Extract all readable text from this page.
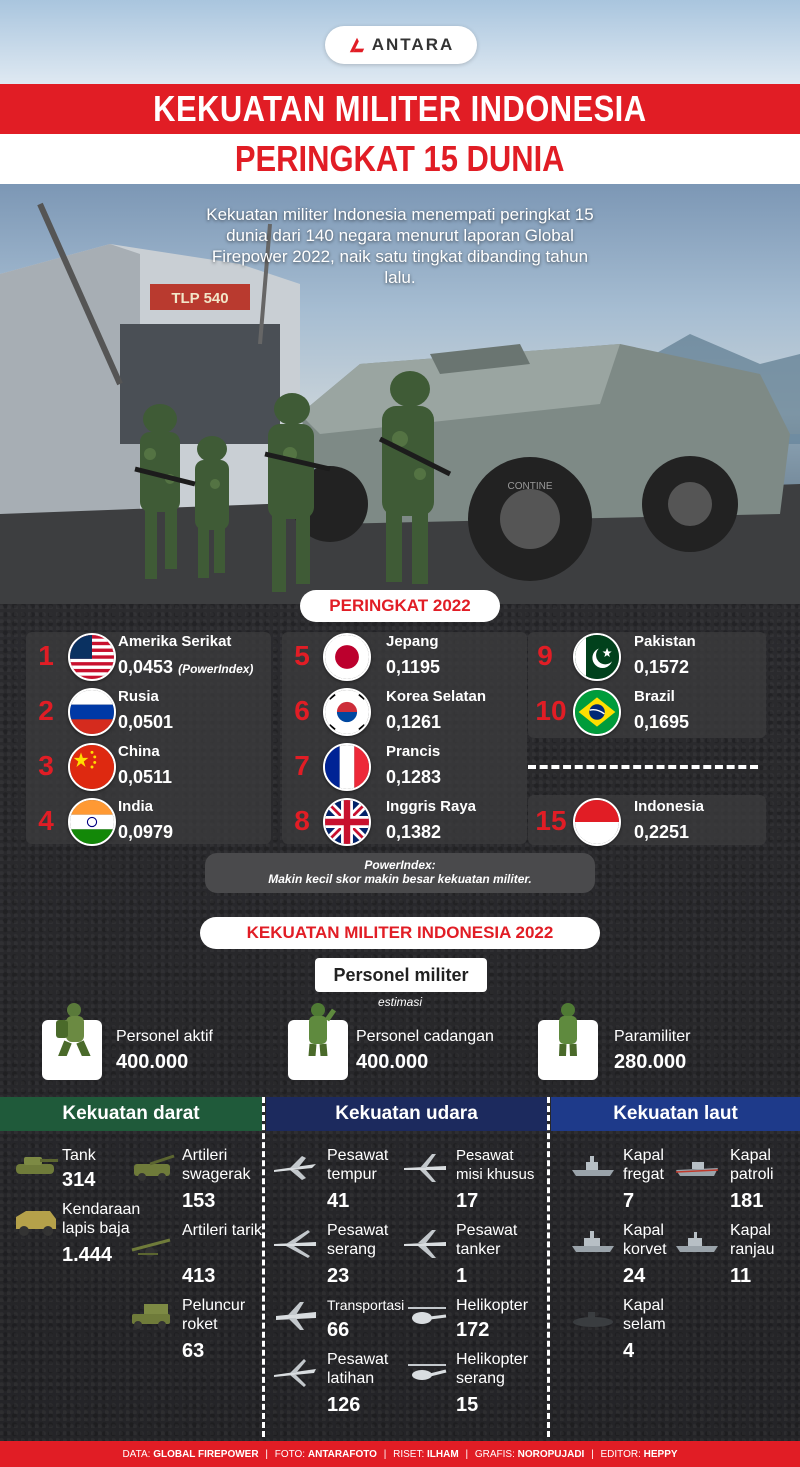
ANTARA
KEKUATAN MILITER INDONESIA
PERINGKAT 15 DUNIA
TLP 540
CONTINE
Kekuatan militer Indonesia menempati peringkat 15 dunia dari 140 negara menurut laporan Global Firepower 2022, naik satu tingkat dibanding tahun lalu.
PERINGKAT 2022
1	Amerika Serikat
0,0453 (PowerIndex)
2	Rusia
0,0501
3	China
0,0511
4	India
0,0979
5	Jepang
0,1195
6	Korea Selatan
0,1261
7	Prancis
0,1283
8	Inggris Raya
0,1382
9	Pakistan
0,1572
10	Brazil
0,1695
15	Indonesia
0,2251
PowerIndex:
Makin kecil skor makin besar kekuatan militer.
KEKUATAN MILITER INDONESIA 2022
Personel militer
estimasi
Personel aktif
400.000
Personel cadangan
400.000
Paramiliter
280.000
Kekuatan darat	Kekuatan udara	Kekuatan laut
Tank
314
Kendaraan lapis baja
1.444
Artileri swagerak
153
Artileri tarik
413
Peluncur roket
63
Pesawat tempur
41
Pesawat serang
23
Transportasi
66
Pesawat latihan
126
Pesawat misi khusus
17
Pesawat tanker
1
Helikopter
172
Helikopter serang
15
Kapal fregat
7
Kapal korvet
24
Kapal selam
4
Kapal patroli
181
Kapal ranjau
11
DATA: GLOBAL FIREPOWER | FOTO: ANTARAFOTO | RISET: ILHAM | GRAFIS: NOROPUJADI | EDITOR: HEPPY
